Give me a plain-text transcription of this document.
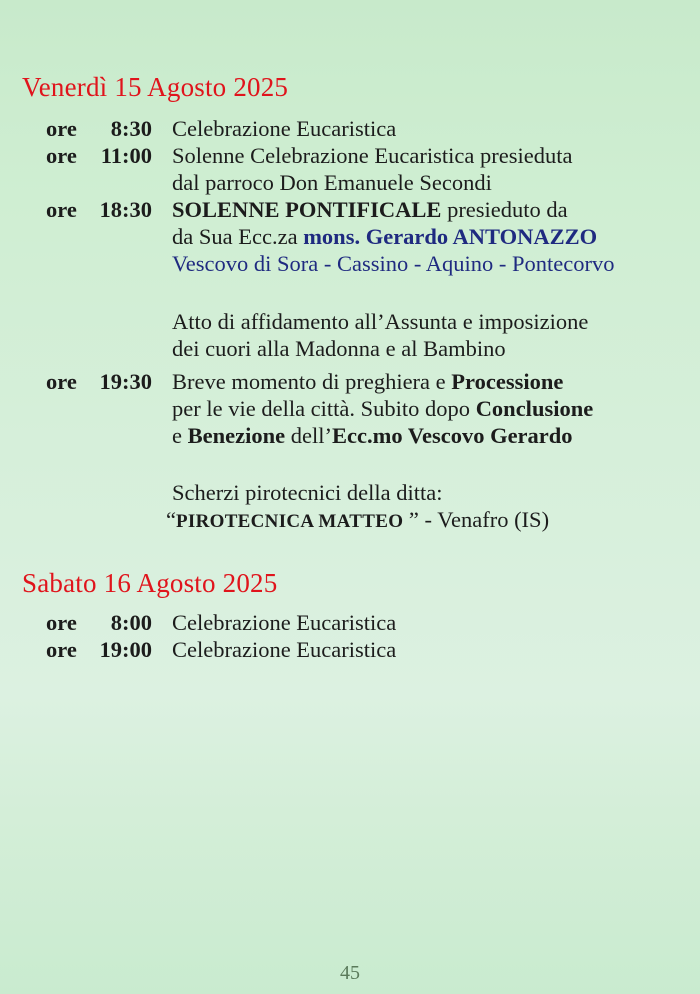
Venerdì 15 Agosto 2025
ore 8:30 Celebrazione Eucaristica
ore 11:00 Solenne Celebrazione Eucaristica presieduta
dal parroco Don Emanuele Secondi
ore 18:30 SOLENNE PONTIFICALE presieduto da
da Sua Ecc.za mons. Gerardo ANTONAZZO
Vescovo di Sora - Cassino - Aquino - Pontecorvo
Atto di affidamento all’Assunta e imposizione
dei cuori alla Madonna e al Bambino
ore 19:30 Breve momento di preghiera e Processione
per le vie della città. Subito dopo Conclusione
e Benezione dell’Ecc.mo Vescovo Gerardo
Scherzi pirotecnici della ditta:
“PIROTECNICA MATTEO ” - Venafro (IS)
Sabato 16 Agosto 2025
ore 8:00 Celebrazione Eucaristica
ore 19:00 Celebrazione Eucaristica
45
